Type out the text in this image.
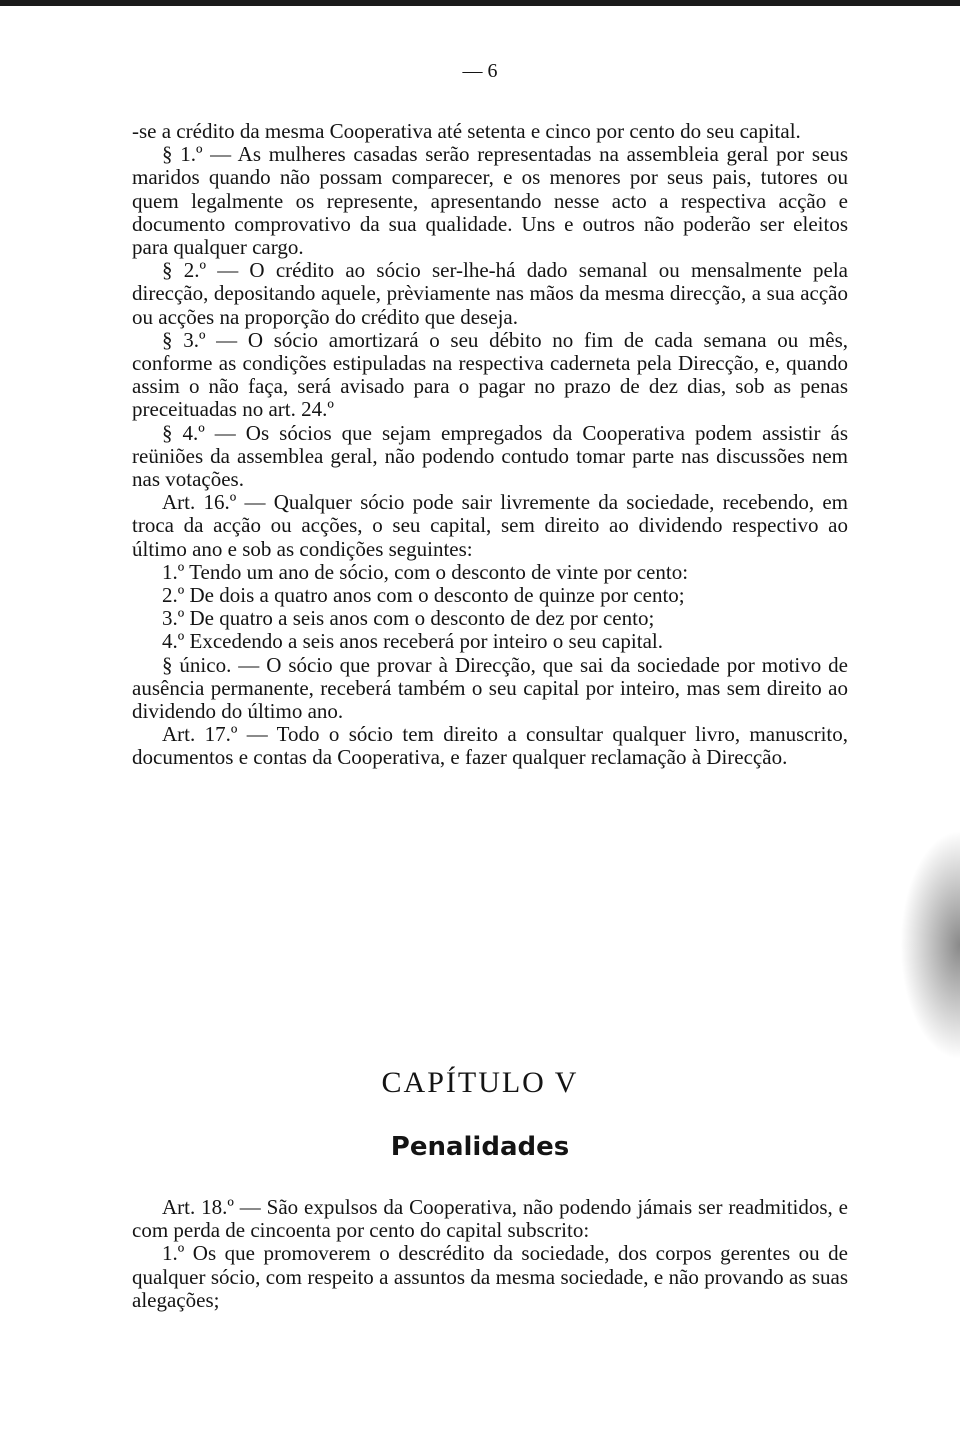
— 6

-se a crédito da mesma Cooperativa até setenta e cinco por cento do seu capital.

§ 1.º — As mulheres casadas serão representadas na assembleia geral por seus maridos quando não possam comparecer, e os menores por seus pais, tutores ou quem legalmente os represente, apresentando nesse acto a respectiva acção e documento comprovativo da sua qualidade. Uns e outros não poderão ser eleitos para qualquer cargo.

§ 2.º — O crédito ao sócio ser-lhe-há dado semanal ou mensalmente pela direcção, depositando aquele, prèviamente nas mãos da mesma direcção, a sua acção ou acções na proporção do crédito que deseja.

§ 3.º — O sócio amortizará o seu débito no fim de cada semana ou mês, conforme as condições estipuladas na respectiva caderneta pela Direcção, e, quando assim o não faça, será avisado para o pagar no prazo de dez dias, sob as penas preceituadas no art. 24.º

§ 4.º — Os sócios que sejam empregados da Cooperativa podem assistir ás reüniões da assemblea geral, não podendo contudo tomar parte nas discussões nem nas votações.

Art. 16.º — Qualquer sócio pode sair livremente da sociedade, recebendo, em troca da acção ou acções, o seu capital, sem direito ao dividendo respectivo ao último ano e sob as condições seguintes:

1.º Tendo um ano de sócio, com o desconto de vinte por cento:

2.º De dois a quatro anos com o desconto de quinze por cento;

3.º De quatro a seis anos com o desconto de dez por cento;

4.º Excedendo a seis anos receberá por inteiro o seu capital.

§ único. — O sócio que provar à Direcção, que sai da sociedade por motivo de ausência permanente, receberá também o seu capital por inteiro, mas sem direito ao dividendo do último ano.

Art. 17.º — Todo o sócio tem direito a consultar qualquer livro, manuscrito, documentos e contas da Cooperativa, e fazer qualquer reclamação à Direcção.

CAPÍTULO V
Penalidades

Art. 18.º — São expulsos da Cooperativa, não podendo jámais ser readmitidos, e com perda de cincoenta por cento do capital subscrito:

1.º Os que promoverem o descrédito da sociedade, dos corpos gerentes ou de qualquer sócio, com respeito a assuntos da mesma sociedade, e não provando as suas alegações;
